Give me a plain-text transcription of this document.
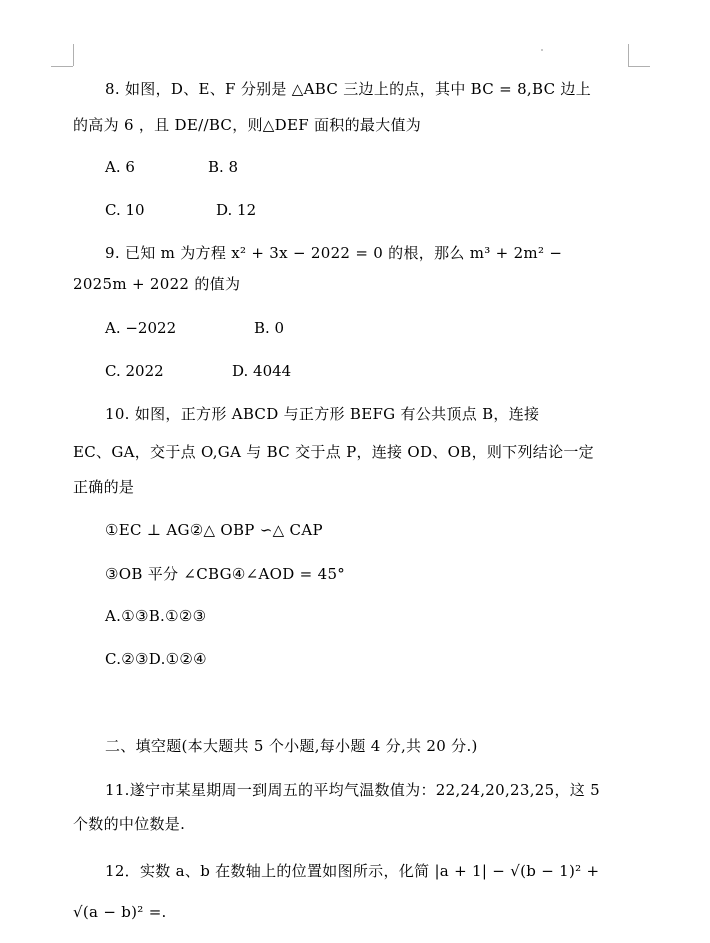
8. 如图，D、E、F 分别是 △ABC 三边上的点，其中 BC = 8,BC 边上
的高为 6 ，且 DE//BC，则△DEF 面积的最大值为
A. 6	B. 8
C. 10	D. 12
9. 已知 m 为方程 x² + 3x − 2022 = 0 的根，那么 m³ + 2m² −
2025m + 2022 的值为
A. −2022	B. 0
C. 2022	D. 4044
10. 如图，正方形 ABCD 与正方形 BEFG 有公共顶点 B，连接
EC、GA，交于点 O,GA 与 BC 交于点 P，连接 OD、OB，则下列结论一定
正确的是
①EC ⊥ AG②△ OBP ∽△ CAP
③OB 平分 ∠CBG④∠AOD = 45°
A.①③B.①②③
C.②③D.①②④
二、填空题(本大题共 5 个小题,每小题 4 分,共 20 分.)
11.遂宁市某星期周一到周五的平均气温数值为：22,24,20,23,25，这 5
个数的中位数是.
12．实数 a、b 在数轴上的位置如图所示，化简 |a + 1| − √(b − 1)² +
√(a − b)² =.
